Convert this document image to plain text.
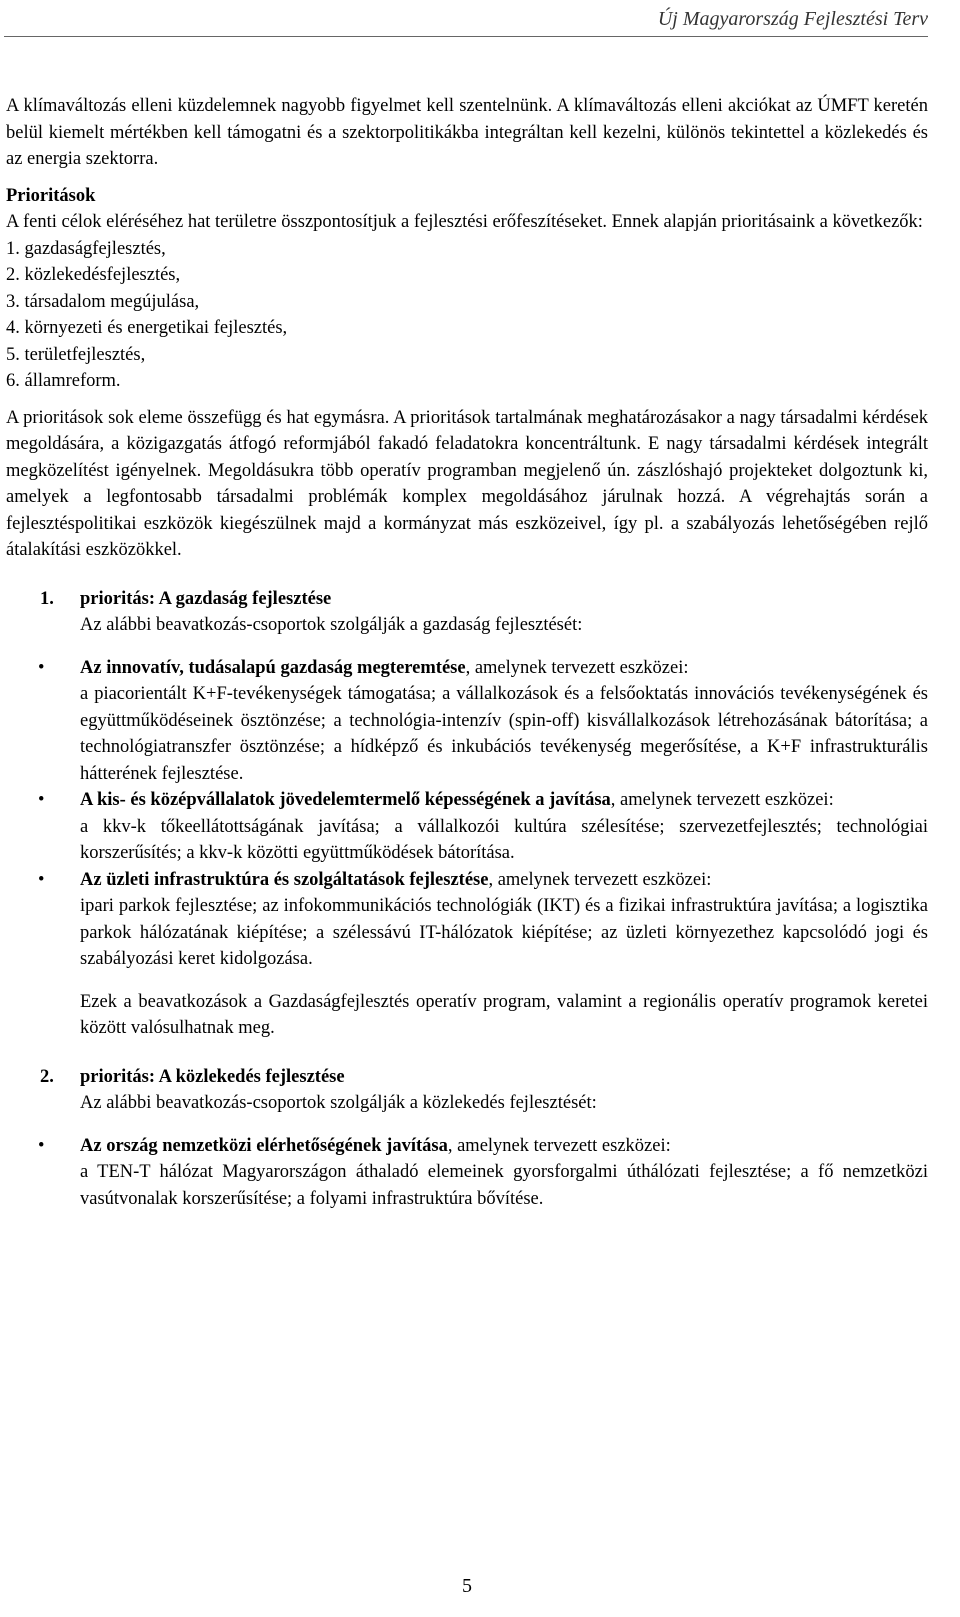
Új Magyarország Fejlesztési Terv

A klímaváltozás elleni küzdelemnek nagyobb figyelmet kell szentelnünk. A klímaváltozás elleni akciókat az ÚMFT keretén belül kiemelt mértékben kell támogatni és a szektorpolitikákba integráltan kell kezelni, különös tekintettel a közlekedés és az energia szektorra.

Prioritások

A fenti célok eléréséhez hat területre összpontosítjuk a fejlesztési erőfeszítéseket. Ennek alapján prioritásaink a következők:

1. gazdaságfejlesztés,
2. közlekedésfejlesztés,
3. társadalom megújulása,
4. környezeti és energetikai fejlesztés,
5. területfejlesztés,
6. államreform.

A prioritások sok eleme összefügg és hat egymásra. A prioritások tartalmának meghatározásakor a nagy társadalmi kérdések megoldására, a közigazgatás átfogó reformjából fakadó feladatokra koncentráltunk. E nagy társadalmi kérdések integrált megközelítést igényelnek. Megoldásukra több operatív programban megjelenő ún. zászlóshajó projekteket dolgoztunk ki, amelyek a legfontosabb társadalmi problémák komplex megoldásához járulnak hozzá. A végrehajtás során a fejlesztéspolitikai eszközök kiegészülnek majd a kormányzat más eszközeivel, így pl. a szabályozás lehetőségében rejlő átalakítási eszközökkel.

1. prioritás: A gazdaság fejlesztése

Az alábbi beavatkozás-csoportok szolgálják a gazdaság fejlesztését:

• Az innovatív, tudásalapú gazdaság megteremtése, amelynek tervezett eszközei:
a piacorientált K+F-tevékenységek támogatása; a vállalkozások és a felsőoktatás innovációs tevékenységének és együttműködéseinek ösztönzése; a technológia-intenzív (spin-off) kisvállalkozások létrehozásának bátorítása; a technológiatranszfer ösztönzése; a hídképző és inkubációs tevékenység megerősítése, a K+F infrastrukturális hátterének fejlesztése.
• A kis- és középvállalatok jövedelemtermelő képességének a javítása, amelynek tervezett eszközei:
a kkv-k tőkeellátottságának javítása; a vállalkozói kultúra szélesítése; szervezetfejlesztés; technológiai korszerűsítés; a kkv-k közötti együttműködések bátorítása.
• Az üzleti infrastruktúra és szolgáltatások fejlesztése, amelynek tervezett eszközei:
ipari parkok fejlesztése; az infokommunikációs technológiák (IKT) és a fizikai infrastruktúra javítása; a logisztika parkok hálózatának kiépítése; a szélessávú IT-hálózatok kiépítése; az üzleti környezethez kapcsolódó jogi és szabályozási keret kidolgozása.

Ezek a beavatkozások a Gazdaságfejlesztés operatív program, valamint a regionális operatív programok keretei között valósulhatnak meg.

2. prioritás: A közlekedés fejlesztése

Az alábbi beavatkozás-csoportok szolgálják a közlekedés fejlesztését:

• Az ország nemzetközi elérhetőségének javítása, amelynek tervezett eszközei:
a TEN-T hálózat Magyarországon áthaladó elemeinek gyorsforgalmi úthálózati fejlesztése; a fő nemzetközi vasútvonalak korszerűsítése; a folyami infrastruktúra bővítése.
5
